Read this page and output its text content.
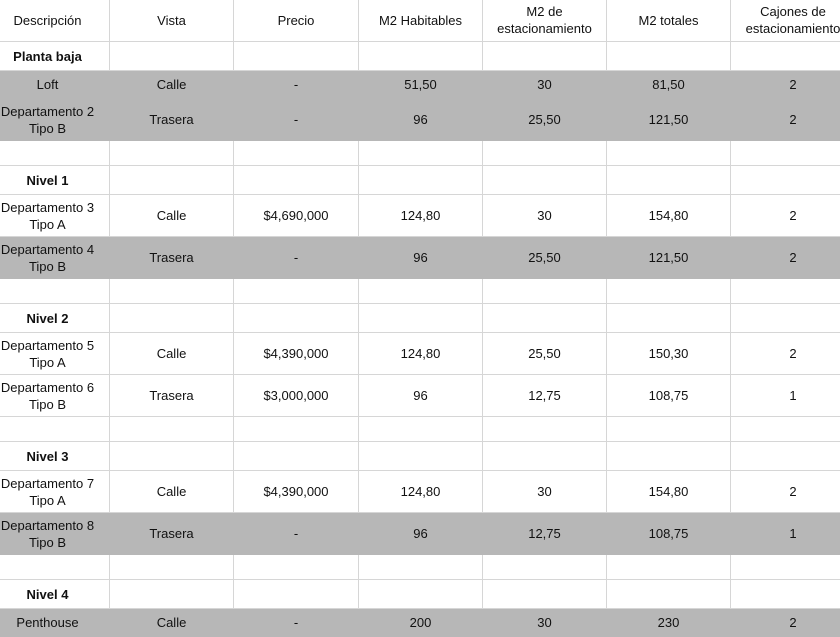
Descripción	Vista	Precio	M2 Habitables	M2 de estacionamiento	M2 totales	Cajones de estacionamiento
Planta baja						
Loft	Calle	-	51,50	30	81,50	2
Departamento 2 Tipo B	Trasera	-	96	25,50	121,50	2

Nivel 1						
Departamento 3 Tipo A	Calle	$4,690,000	124,80	30	154,80	2
Departamento 4 Tipo B	Trasera	-	96	25,50	121,50	2

Nivel 2						
Departamento 5 Tipo A	Calle	$4,390,000	124,80	25,50	150,30	2
Departamento 6 Tipo B	Trasera	$3,000,000	96	12,75	108,75	1

Nivel 3						
Departamento 7 Tipo A	Calle	$4,390,000	124,80	30	154,80	2
Departamento 8 Tipo B	Trasera	-	96	12,75	108,75	1

Nivel 4						
Penthouse	Calle	-	200	30	230	2
